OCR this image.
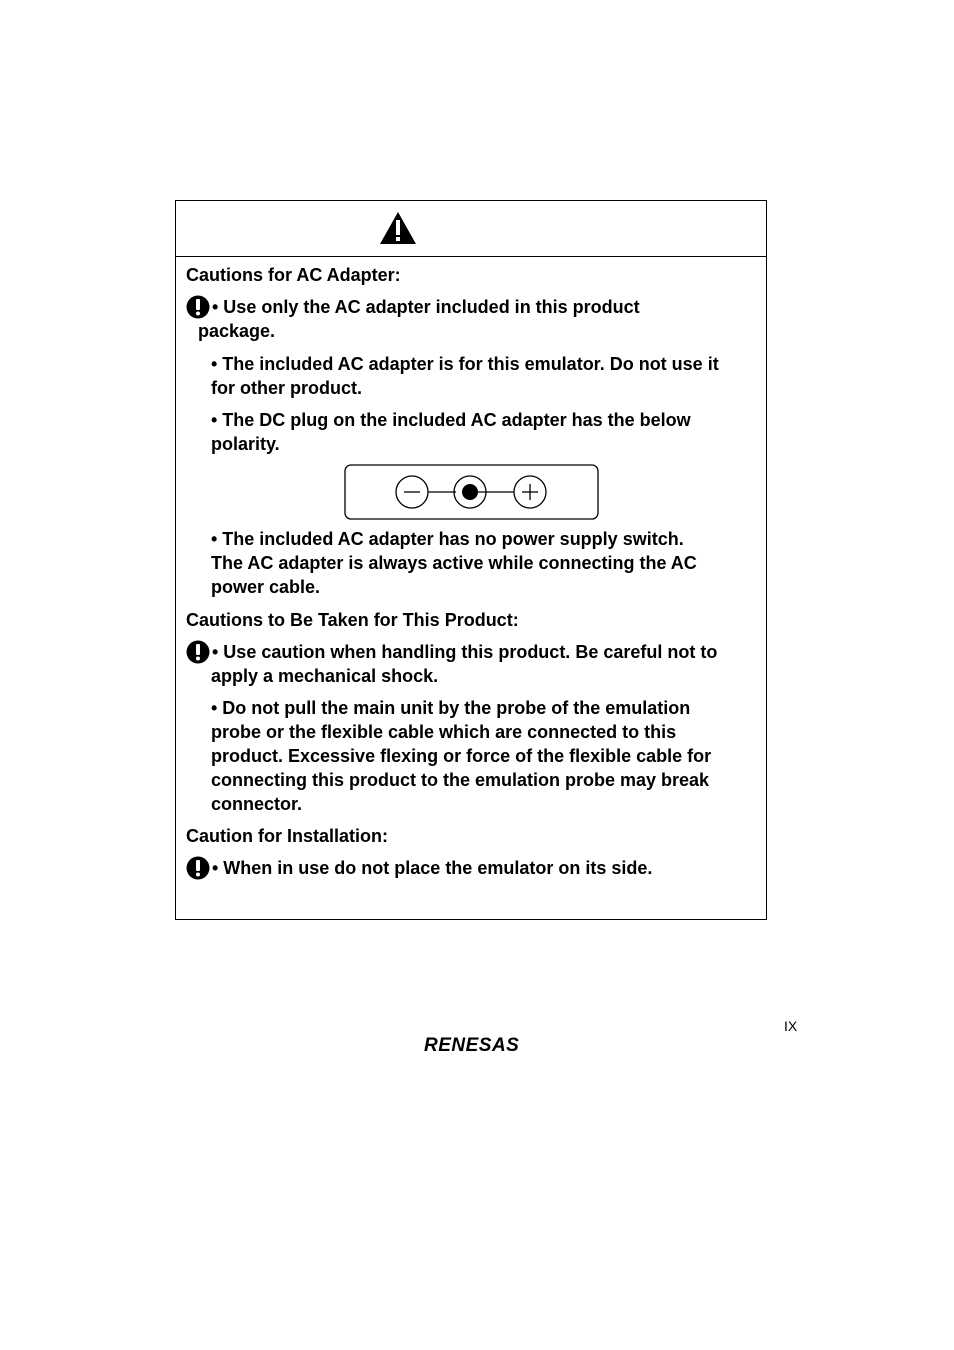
Cautions for AC Adapter:

• Use only the AC adapter included in this product

package.

• The included AC adapter is for this emulator. Do not use it

for other product.

• The DC plug on the included AC adapter has the below

polarity.

• The included AC adapter has no power supply switch.

The AC adapter is always active while connecting the AC

power cable.

Cautions to Be Taken for This Product:

• Use caution when handling this product. Be careful not to

apply a mechanical shock.

• Do not pull the main unit by the probe of the emulation

probe or the flexible cable which are connected to this

product. Excessive flexing or force of the flexible cable for

connecting this product to the emulation probe may break

connector.

Caution for Installation:

• When in use do not place the emulator on its side.

IX
RENESAS
